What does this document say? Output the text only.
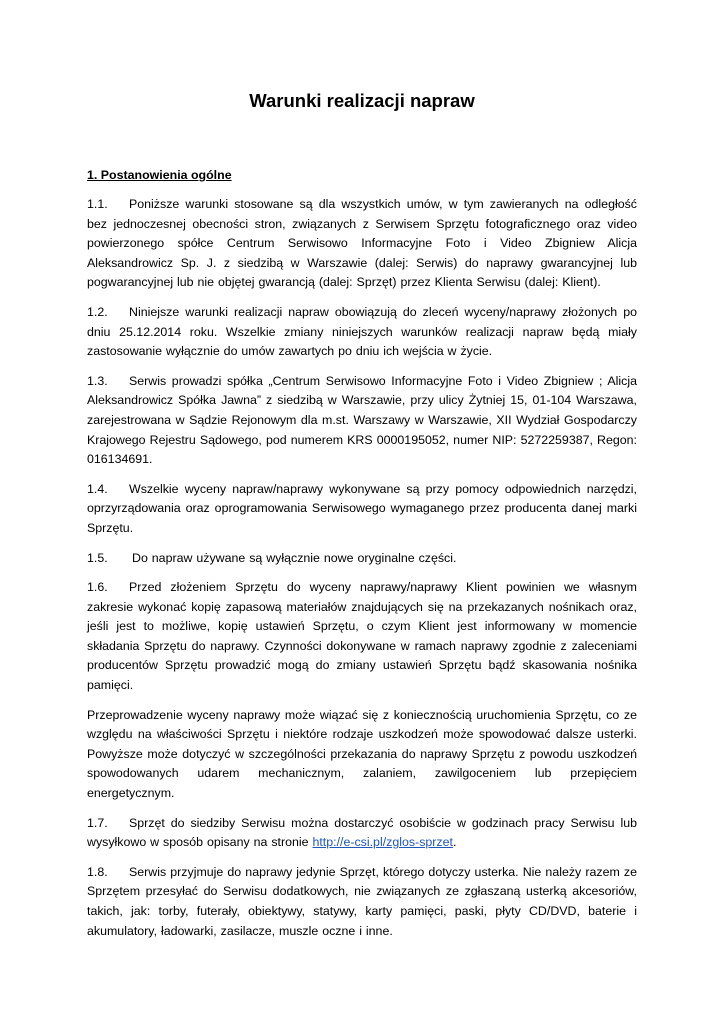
Warunki realizacji napraw
1. Postanowienia ogólne

1.1. Poniższe warunki stosowane są dla wszystkich umów, w tym zawieranych na odległość bez jednoczesnej obecności stron, związanych z Serwisem Sprzętu fotograficznego oraz video powierzonego spółce Centrum Serwisowo Informacyjne Foto i Video Zbigniew Alicja Aleksandrowicz Sp. J. z siedzibą w Warszawie (dalej: Serwis) do naprawy gwarancyjnej lub pogwarancyjnej lub nie objętej gwarancją (dalej: Sprzęt) przez Klienta Serwisu (dalej: Klient).

1.2. Niniejsze warunki realizacji napraw obowiązują do zleceń wyceny/naprawy złożonych po dniu 25.12.2014 roku. Wszelkie zmiany niniejszych warunków realizacji napraw będą miały zastosowanie wyłącznie do umów zawartych po dniu ich wejścia w życie.

1.3. Serwis prowadzi spółka „Centrum Serwisowo Informacyjne Foto i Video Zbigniew ; Alicja Aleksandrowicz Spółka Jawna” z siedzibą w Warszawie, przy ulicy Żytniej 15, 01-104 Warszawa, zarejestrowana w Sądzie Rejonowym dla m.st. Warszawy w Warszawie, XII Wydział Gospodarczy Krajowego Rejestru Sądowego, pod numerem KRS 0000195052, numer NIP: 5272259387, Regon: 016134691.

1.4. Wszelkie wyceny napraw/naprawy wykonywane są przy pomocy odpowiednich narzędzi, oprzyrządowania oraz oprogramowania Serwisowego wymaganego przez producenta danej marki Sprzętu.

1.5. Do napraw używane są wyłącznie nowe oryginalne części.

1.6. Przed złożeniem Sprzętu do wyceny naprawy/naprawy Klient powinien we własnym zakresie wykonać kopię zapasową materiałów znajdujących się na przekazanych nośnikach oraz, jeśli jest to możliwe, kopię ustawień Sprzętu, o czym Klient jest informowany w momencie składania Sprzętu do naprawy. Czynności dokonywane w ramach naprawy zgodnie z zaleceniami producentów Sprzętu prowadzić mogą do zmiany ustawień Sprzętu bądź skasowania nośnika pamięci.

Przeprowadzenie wyceny naprawy może wiązać się z koniecznością uruchomienia Sprzętu, co ze względu na właściwości Sprzętu i niektóre rodzaje uszkodzeń może spowodować dalsze usterki. Powyższe może dotyczyć w szczególności przekazania do naprawy Sprzętu z powodu uszkodzeń spowodowanych udarem mechanicznym, zalaniem, zawilgoceniem lub przepięciem energetycznym.

1.7. Sprzęt do siedziby Serwisu można dostarczyć osobiście w godzinach pracy Serwisu lub wysyłkowo w sposób opisany na stronie http://e-csi.pl/zglos-sprzet.

1.8. Serwis przyjmuje do naprawy jedynie Sprzęt, którego dotyczy usterka. Nie należy razem ze Sprzętem przesyłać do Serwisu dodatkowych, nie związanych ze zgłaszaną usterką akcesoriów, takich, jak: torby, futerały, obiektywy, statywy, karty pamięci, paski, płyty CD/DVD, baterie i akumulatory, ładowarki, zasilacze, muszle oczne i inne.
